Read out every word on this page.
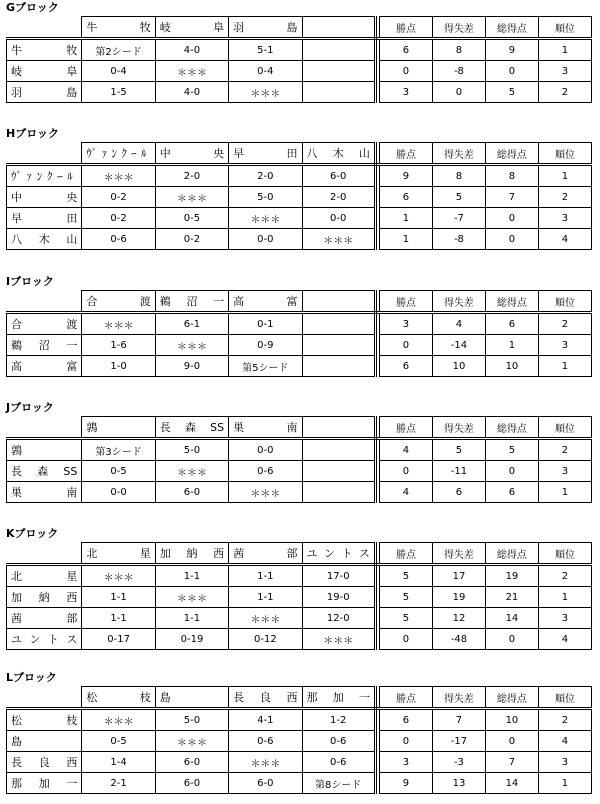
Gブロック
	牛　　牧	岐　　阜	羽　　島			勝点	得失差	総得点	順位
牛　　牧	第2シード	4-0	5-1			6	8	9	1
岐　　阜	0-4	＊＊＊	0-4			0	-8	0	3
羽　　島	1-5	4-0	＊＊＊			3	0	5	2
Hブロック
	ｳﾞｧﾝｸｰﾙ	中　　央	早　　田	八　木　山		勝点	得失差	総得点	順位
ｳﾞｧﾝｸｰﾙ	＊＊＊	2-0	2-0	6-0		9	8	8	1
中　　央	0-2	＊＊＊	5-0	2-0		6	5	7	2
早　　田	0-2	0-5	＊＊＊	0-0		1	-7	0	3
八　木　山	0-6	0-2	0-0	＊＊＊		1	-8	0	4
Iブロック
	合　　渡	鵜　沼　一	高　　富			勝点	得失差	総得点	順位
合　　渡	＊＊＊	6-1	0-1			3	4	6	2
鵜　沼　一	1-6	＊＊＊	0-9			0	-14	1	3
高　　富	1-0	9-0	第5シード			6	10	10	1
Jブロック
	鶉	長　森　SS	巣　　南			勝点	得失差	総得点	順位
鶉	第3シード	5-0	0-0			4	5	5	2
長　森　SS	0-5	＊＊＊	0-6			0	-11	0	3
巣　　南	0-0	6-0	＊＊＊			4	6	6	1
Kブロック
	北　　星	加　納　西	茜　　部	ユ ン ト ス		勝点	得失差	総得点	順位
北　　星	＊＊＊	1-1	1-1	17-0		5	17	19	2
加　納　西	1-1	＊＊＊	1-1	19-0		5	19	21	1
茜　　部	1-1	1-1	＊＊＊	12-0		5	12	14	3
ユ ン ト ス	0-17	0-19	0-12	＊＊＊		0	-48	0	4
Lブロック
	松　　枝	島	長　良　西	那　加　一		勝点	得失差	総得点	順位
松　　枝	＊＊＊	5-0	4-1	1-2		6	7	10	2
島	0-5	＊＊＊	0-6	0-6		0	-17	0	4
長　良　西	1-4	6-0	＊＊＊	0-6		3	-3	7	3
那　加　一	2-1	6-0	6-0	第8シード		9	13	14	1
